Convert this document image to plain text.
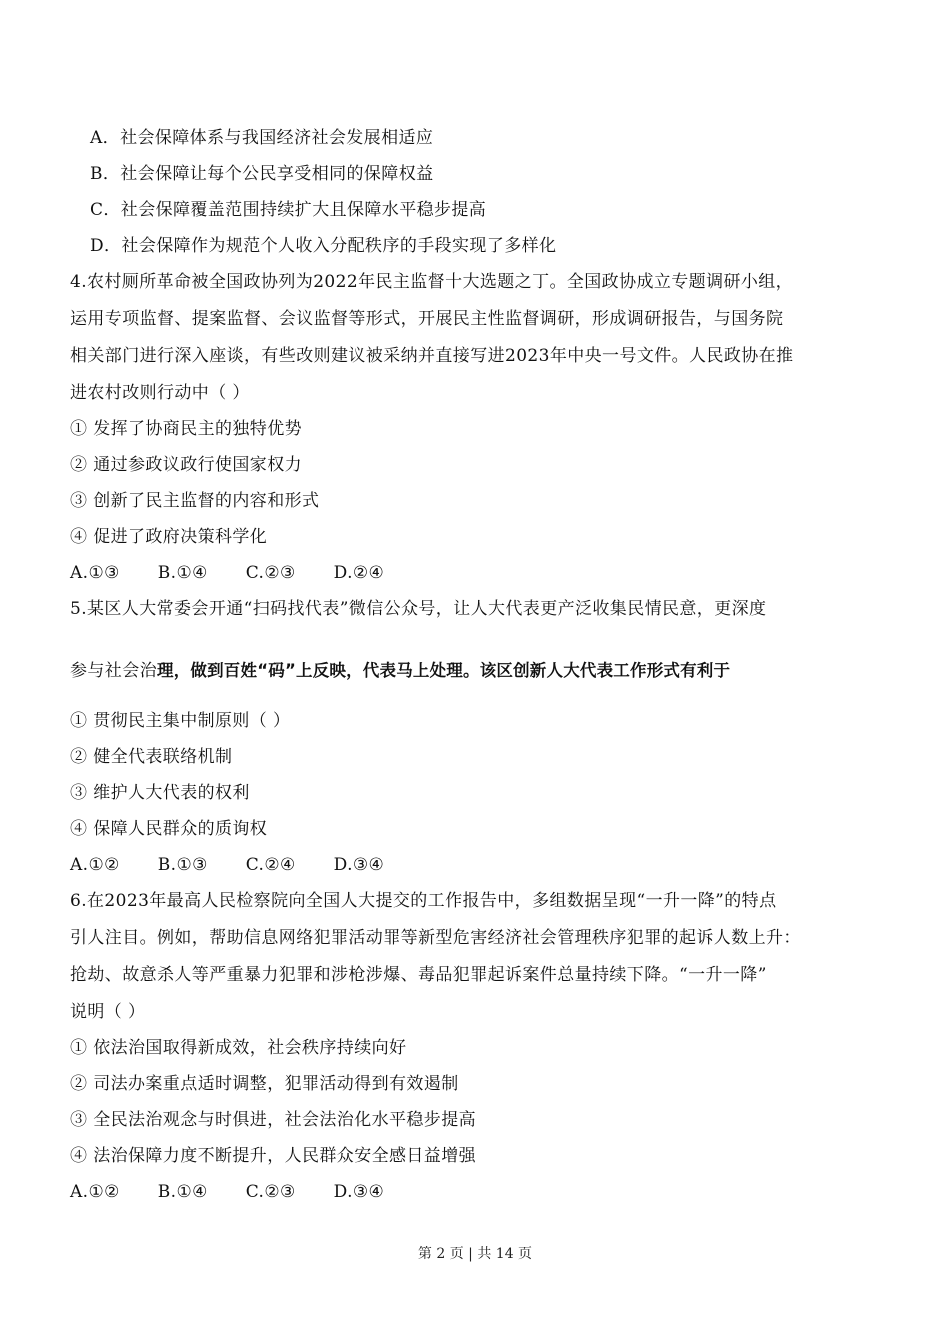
A．社会保障体系与我国经济社会发展相适应
B．社会保障让每个公民享受相同的保障权益
C．社会保障覆盖范围持续扩大且保障水平稳步提高
D．社会保障作为规范个人收入分配秩序的手段实现了多样化
4.农村厕所革命被全国政协列为2022年民主监督十大选题之丁。全国政协成立专题调研小组，
运用专项监督、提案监督、会议监督等形式，开展民主性监督调研，形成调研报告，与国务院
相关部门进行深入座谈，有些改则建议被采纳并直接写进2023年中央一号文件。人民政协在推
进农村改则行动中（ ）
① 发挥了协商民主的独特优势
② 通过参政议政行使国家权力
③ 创新了民主监督的内容和形式
④ 促进了政府决策科学化
A.①③ B.①④ C.②③ D.②④
5.某区人大常委会开通“扫码找代表”微信公众号，让人大代表更产泛收集民情民意，更深度
参与社会治理，做到百姓“码”上反映，代表马上处理。该区创新人大代表工作形式有利于
① 贯彻民主集中制原则（ ）
② 健全代表联络机制
③ 维护人大代表的权利
④ 保障人民群众的质询权
A.①② B.①③ C.②④ D.③④
6.在2023年最高人民检察院向全国人大提交的工作报告中，多组数据呈现“一升一降”的特点
引人注目。例如，帮助信息网络犯罪活动罪等新型危害经济社会管理秩序犯罪的起诉人数上升：
抢劫、故意杀人等严重暴力犯罪和涉枪涉爆、毒品犯罪起诉案件总量持续下降。“一升一降”
说明（ ）
① 依法治国取得新成效，社会秩序持续向好
② 司法办案重点适时调整，犯罪活动得到有效遏制
③ 全民法治观念与时俱进，社会法治化水平稳步提高
④ 法治保障力度不断提升，人民群众安全感日益增强
A.①② B.①④ C.②③ D.③④
第 2 页 | 共 14 页
